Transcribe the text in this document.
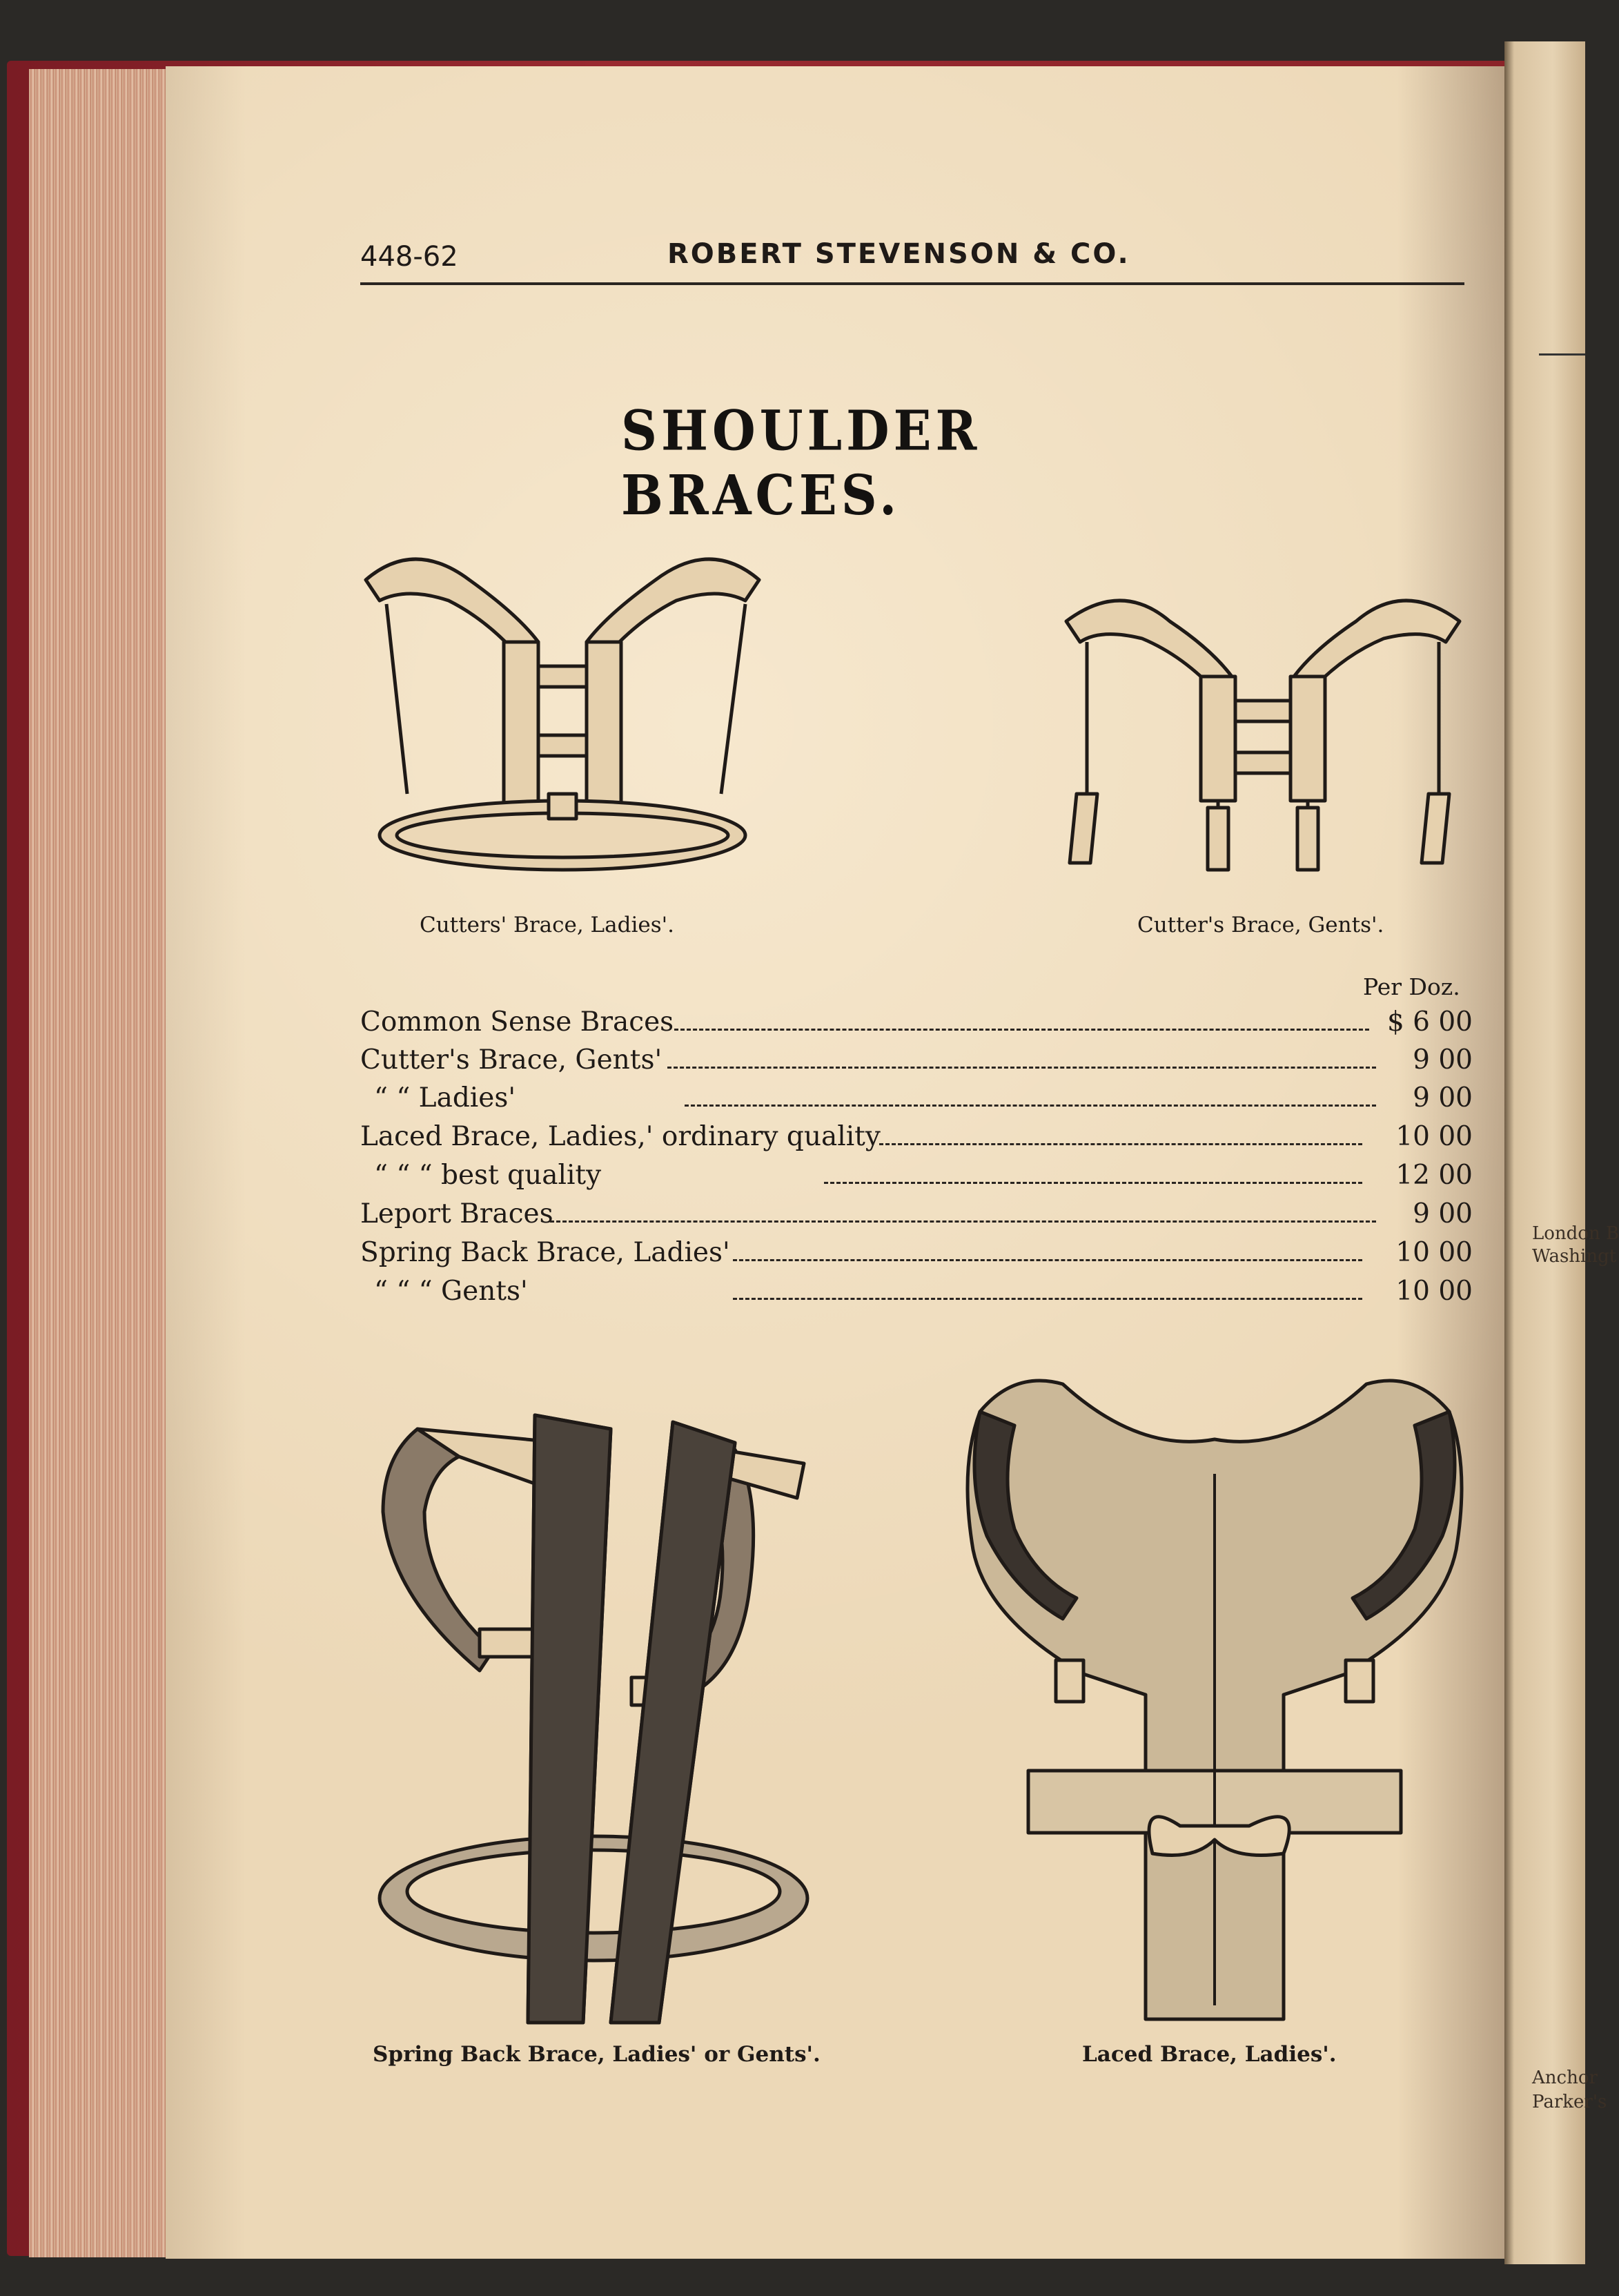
London B
Washingt
Anchor
Parker's
448-62	ROBERT STEVENSON & CO.
SHOULDER BRACES.
Cutters' Brace, Ladies'.	Cutter's Brace, Gents'.
Per Doz.
Common Sense Braces	$ 6 00
Cutter's Brace, Gents'	9 00
“ “ Ladies'	9 00
Laced Brace, Ladies,' ordinary quality	10 00
“ “ “ best quality	12 00
Leport Braces	9 00
Spring Back Brace, Ladies'	10 00
“ “ “ Gents'	10 00
Spring Back Brace, Ladies' or Gents'.	Laced Brace, Ladies'.
